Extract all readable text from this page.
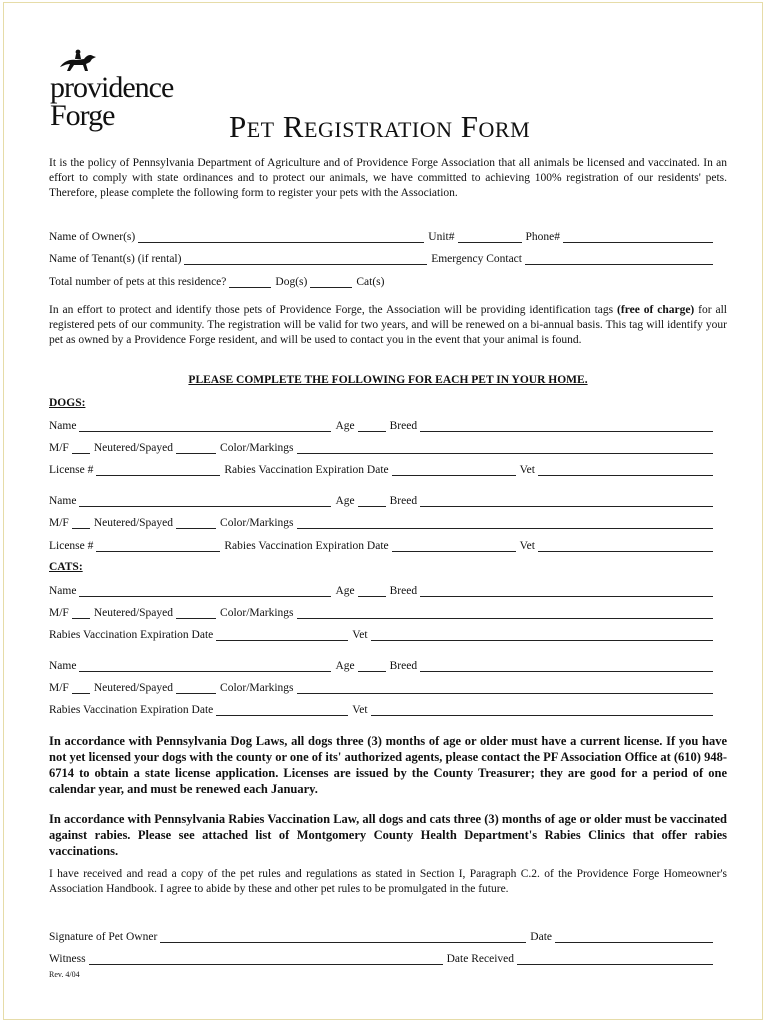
providence
Forge	Pet Registration Form

It is the policy of Pennsylvania Department of Agriculture and of Providence Forge Association that all animals be licensed and vaccinated. In an effort to comply with state ordinances and to protect our animals, we have committed to achieving 100% registration of our residents' pets. Therefore, please complete the following form to register your pets with the Association.

Name of Owner(s)	Unit#	Phone#
Name of Tenant(s) (if rental)	Emergency Contact
Total number of pets at this residence?	Dog(s)	Cat(s)

In an effort to protect and identify those pets of Providence Forge, the Association will be providing identification tags (free of charge) for all registered pets of our community. The registration will be valid for two years, and will be renewed on a bi-annual basis. This tag will identify your pet as owned by a Providence Forge resident, and will be used to contact you in the event that your animal is found.

PLEASE COMPLETE THE FOLLOWING FOR EACH PET IN YOUR HOME.
DOGS:
Name	Age	Breed
M/F	Neutered/Spayed	Color/Markings
License #	Rabies Vaccination Expiration Date	Vet
Name	Age	Breed
M/F	Neutered/Spayed	Color/Markings
License #	Rabies Vaccination Expiration Date	Vet
CATS:
Name	Age	Breed
M/F	Neutered/Spayed	Color/Markings
Rabies Vaccination Expiration Date	Vet
Name	Age	Breed
M/F	Neutered/Spayed	Color/Markings
Rabies Vaccination Expiration Date	Vet

In accordance with Pennsylvania Dog Laws, all dogs three (3) months of age or older must have a current license. If you have not yet licensed your dogs with the county or one of its' authorized agents, please contact the PF Association Office at (610) 948-6714 to obtain a state license application. Licenses are issued by the County Treasurer; they are good for a period of one calendar year, and must be renewed each January.

In accordance with Pennsylvania Rabies Vaccination Law, all dogs and cats three (3) months of age or older must be vaccinated against rabies. Please see attached list of Montgomery County Health Department's Rabies Clinics that offer rabies vaccinations.

I have received and read a copy of the pet rules and regulations as stated in Section I, Paragraph C.2. of the Providence Forge Homeowner's Association Handbook. I agree to abide by these and other pet rules to be promulgated in the future.

Signature of Pet Owner	Date
Witness	Date Received
Rev. 4/04
